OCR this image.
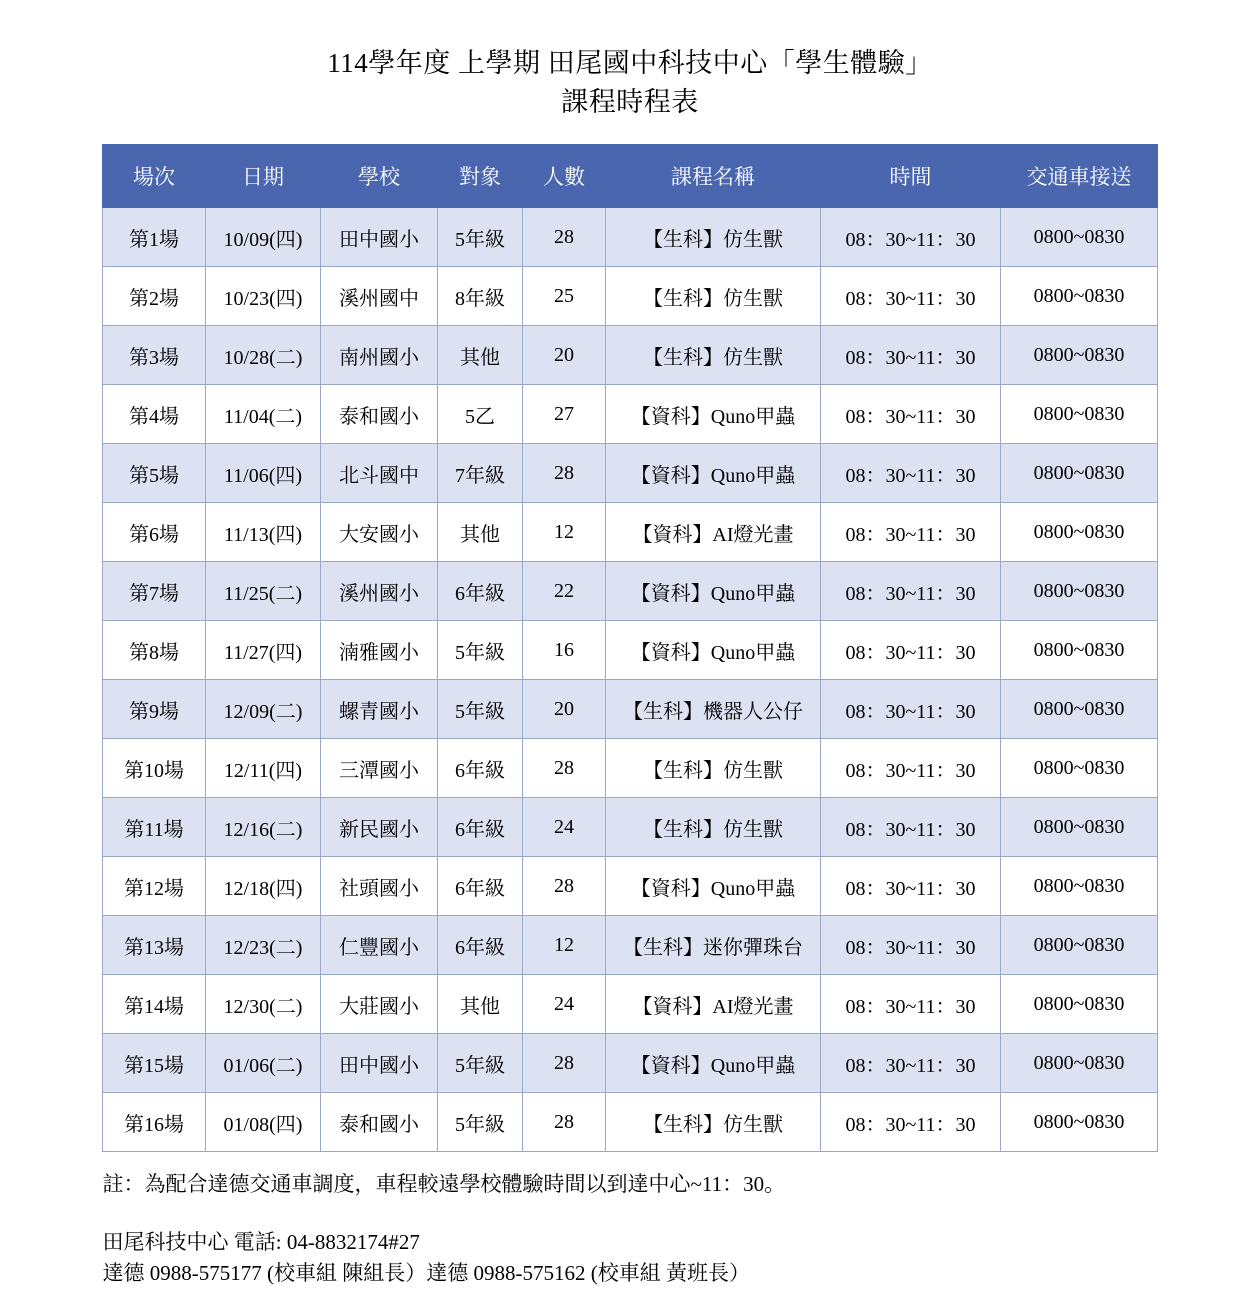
114學年度 上學期 田尾國中科技中心「學生體驗」
課程時程表
場次	日期	學校	對象	人數	課程名稱	時間	交通車接送
第1場	10/09(四)	田中國小	5年級	28	【生科】仿生獸	08：30~11：30	0800~0830
第2場	10/23(四)	溪州國中	8年級	25	【生科】仿生獸	08：30~11：30	0800~0830
第3場	10/28(二)	南州國小	其他	20	【生科】仿生獸	08：30~11：30	0800~0830
第4場	11/04(二)	泰和國小	5乙	27	【資科】Quno甲蟲	08：30~11：30	0800~0830
第5場	11/06(四)	北斗國中	7年級	28	【資科】Quno甲蟲	08：30~11：30	0800~0830
第6場	11/13(四)	大安國小	其他	12	【資科】AI燈光畫	08：30~11：30	0800~0830
第7場	11/25(二)	溪州國小	6年級	22	【資科】Quno甲蟲	08：30~11：30	0800~0830
第8場	11/27(四)	湳雅國小	5年級	16	【資科】Quno甲蟲	08：30~11：30	0800~0830
第9場	12/09(二)	螺青國小	5年級	20	【生科】機器人公仔	08：30~11：30	0800~0830
第10場	12/11(四)	三潭國小	6年級	28	【生科】仿生獸	08：30~11：30	0800~0830
第11場	12/16(二)	新民國小	6年級	24	【生科】仿生獸	08：30~11：30	0800~0830
第12場	12/18(四)	社頭國小	6年級	28	【資科】Quno甲蟲	08：30~11：30	0800~0830
第13場	12/23(二)	仁豐國小	6年級	12	【生科】迷你彈珠台	08：30~11：30	0800~0830
第14場	12/30(二)	大莊國小	其他	24	【資科】AI燈光畫	08：30~11：30	0800~0830
第15場	01/06(二)	田中國小	5年級	28	【資科】Quno甲蟲	08：30~11：30	0800~0830
第16場	01/08(四)	泰和國小	5年級	28	【生科】仿生獸	08：30~11：30	0800~0830
註：為配合達德交通車調度，車程較遠學校體驗時間以到達中心~11：30。
田尾科技中心 電話: 04-8832174#27
達德 0988-575177 (校車組 陳組長）達德 0988-575162 (校車組 黃班長）
